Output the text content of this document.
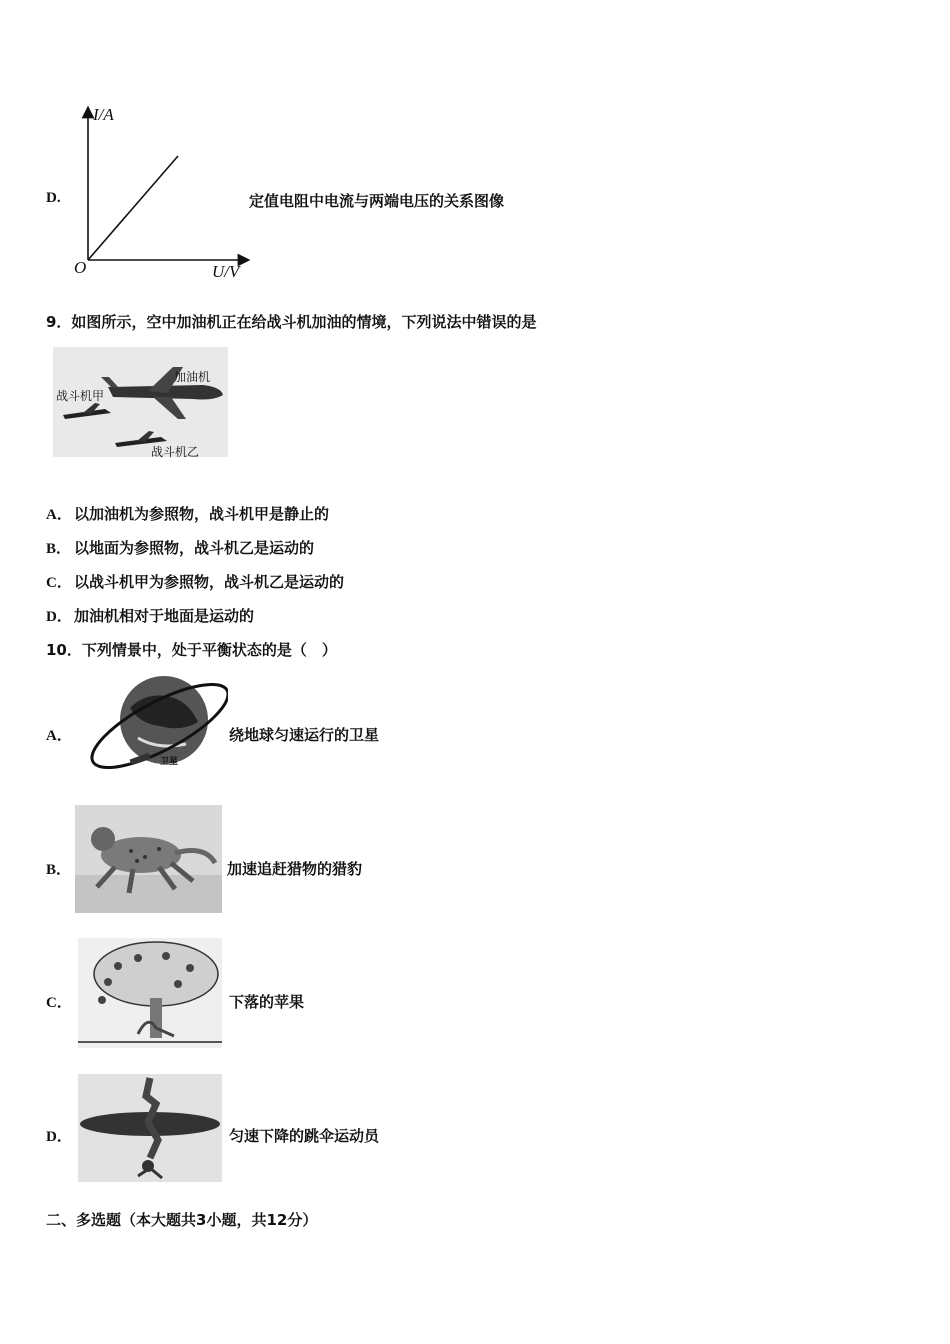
D.
I/A
U/V
O
定值电阻中电流与两端电压的关系图像
9．如图所示，空中加油机正在给战斗机加油的情境，下列说法中错误的是
加油机
战斗机甲
战斗机乙
A． 以加油机为参照物，战斗机甲是静止的
B． 以地面为参照物，战斗机乙是运动的
C． 以战斗机甲为参照物，战斗机乙是运动的
D． 加油机相对于地面是运动的
10．下列情景中，处于平衡状态的是（　）
A．
卫星
绕地球匀速运行的卫星
B．	加速追赶猎物的猎豹
C．	下落的苹果
D．	匀速下降的跳伞运动员
二、多选题（本大题共3小题，共12分）
